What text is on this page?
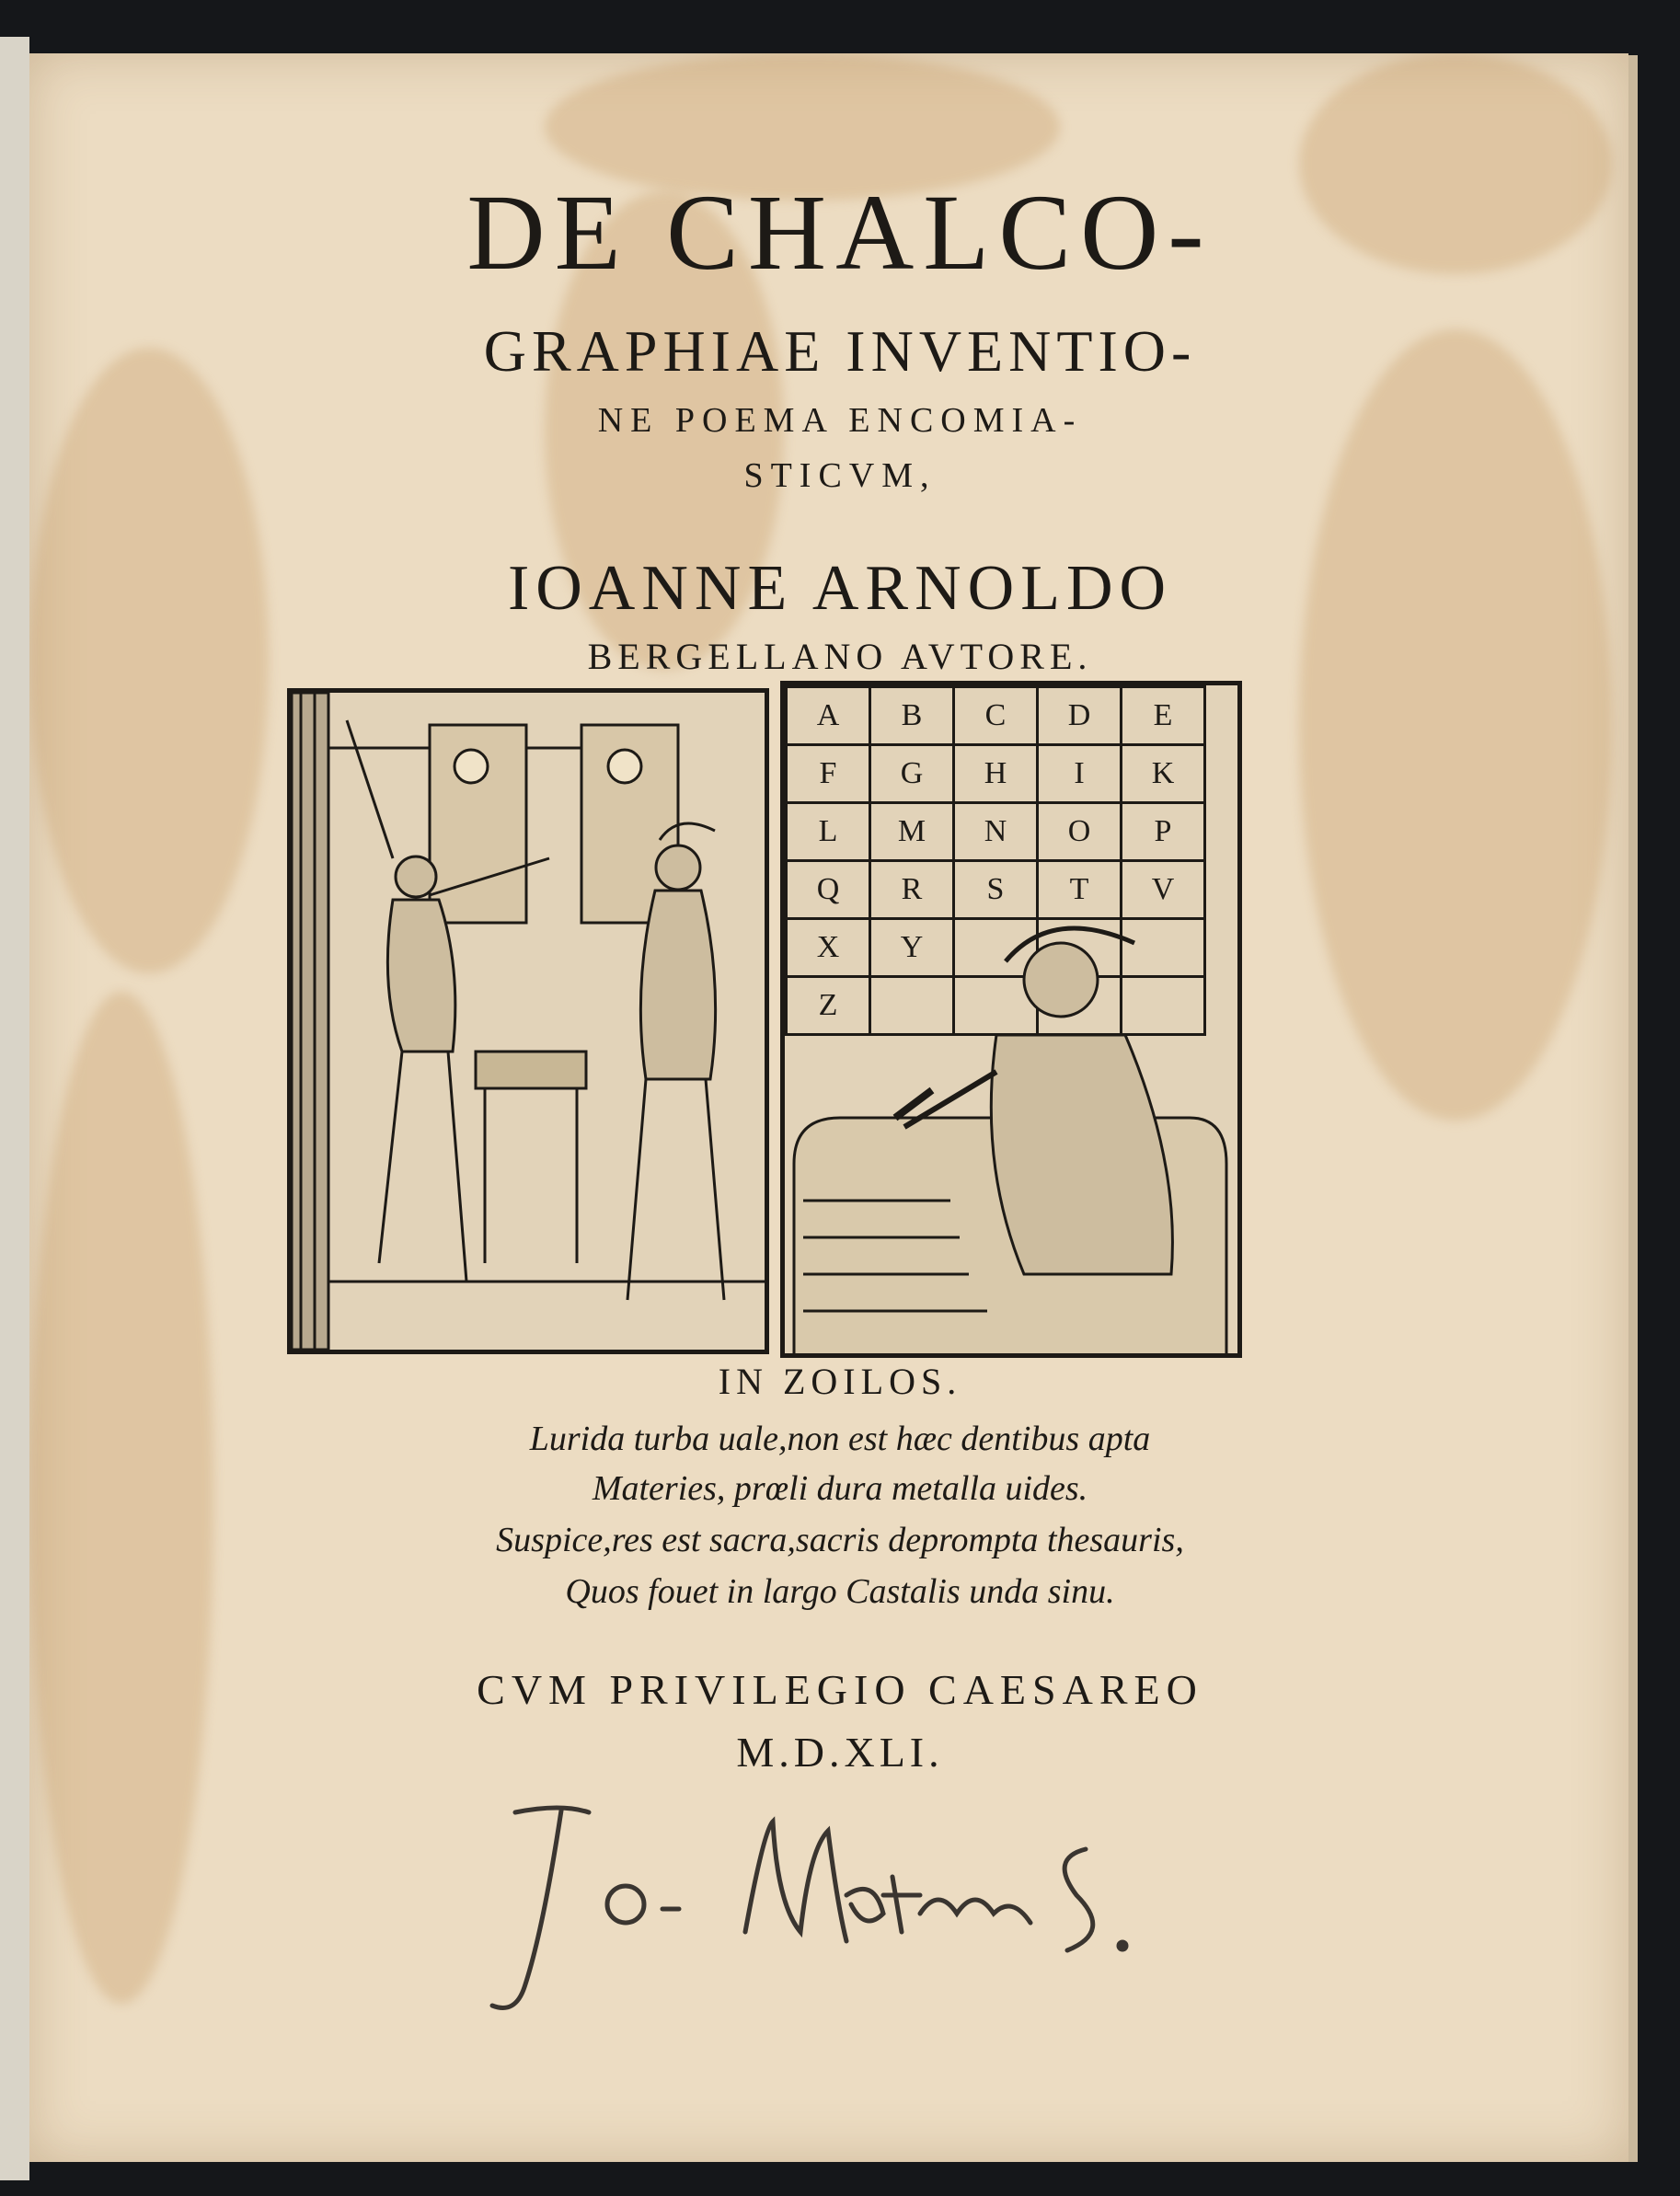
DE CHALCO-

GRAPHIAE INVENTIO-

NE POEMA ENCOMIA-

STICVM,

IOANNE ARNOLDO

BERGELLANO AVTORE.

A	B	C	D	E
F	G	H	I	K
L	M	N	O	P
Q	R	S	T	V
X	Y			
Z				

IN ZOILOS.

Lurida turba uale,non est hæc dentibus apta

Materies, prœli dura metalla uides.

Suspice,res est sacra,sacris deprompta thesauris,

Quos fouet in largo Castalis unda sinu.

CVM PRIVILEGIO CAESAREO

M.D.XLI.
